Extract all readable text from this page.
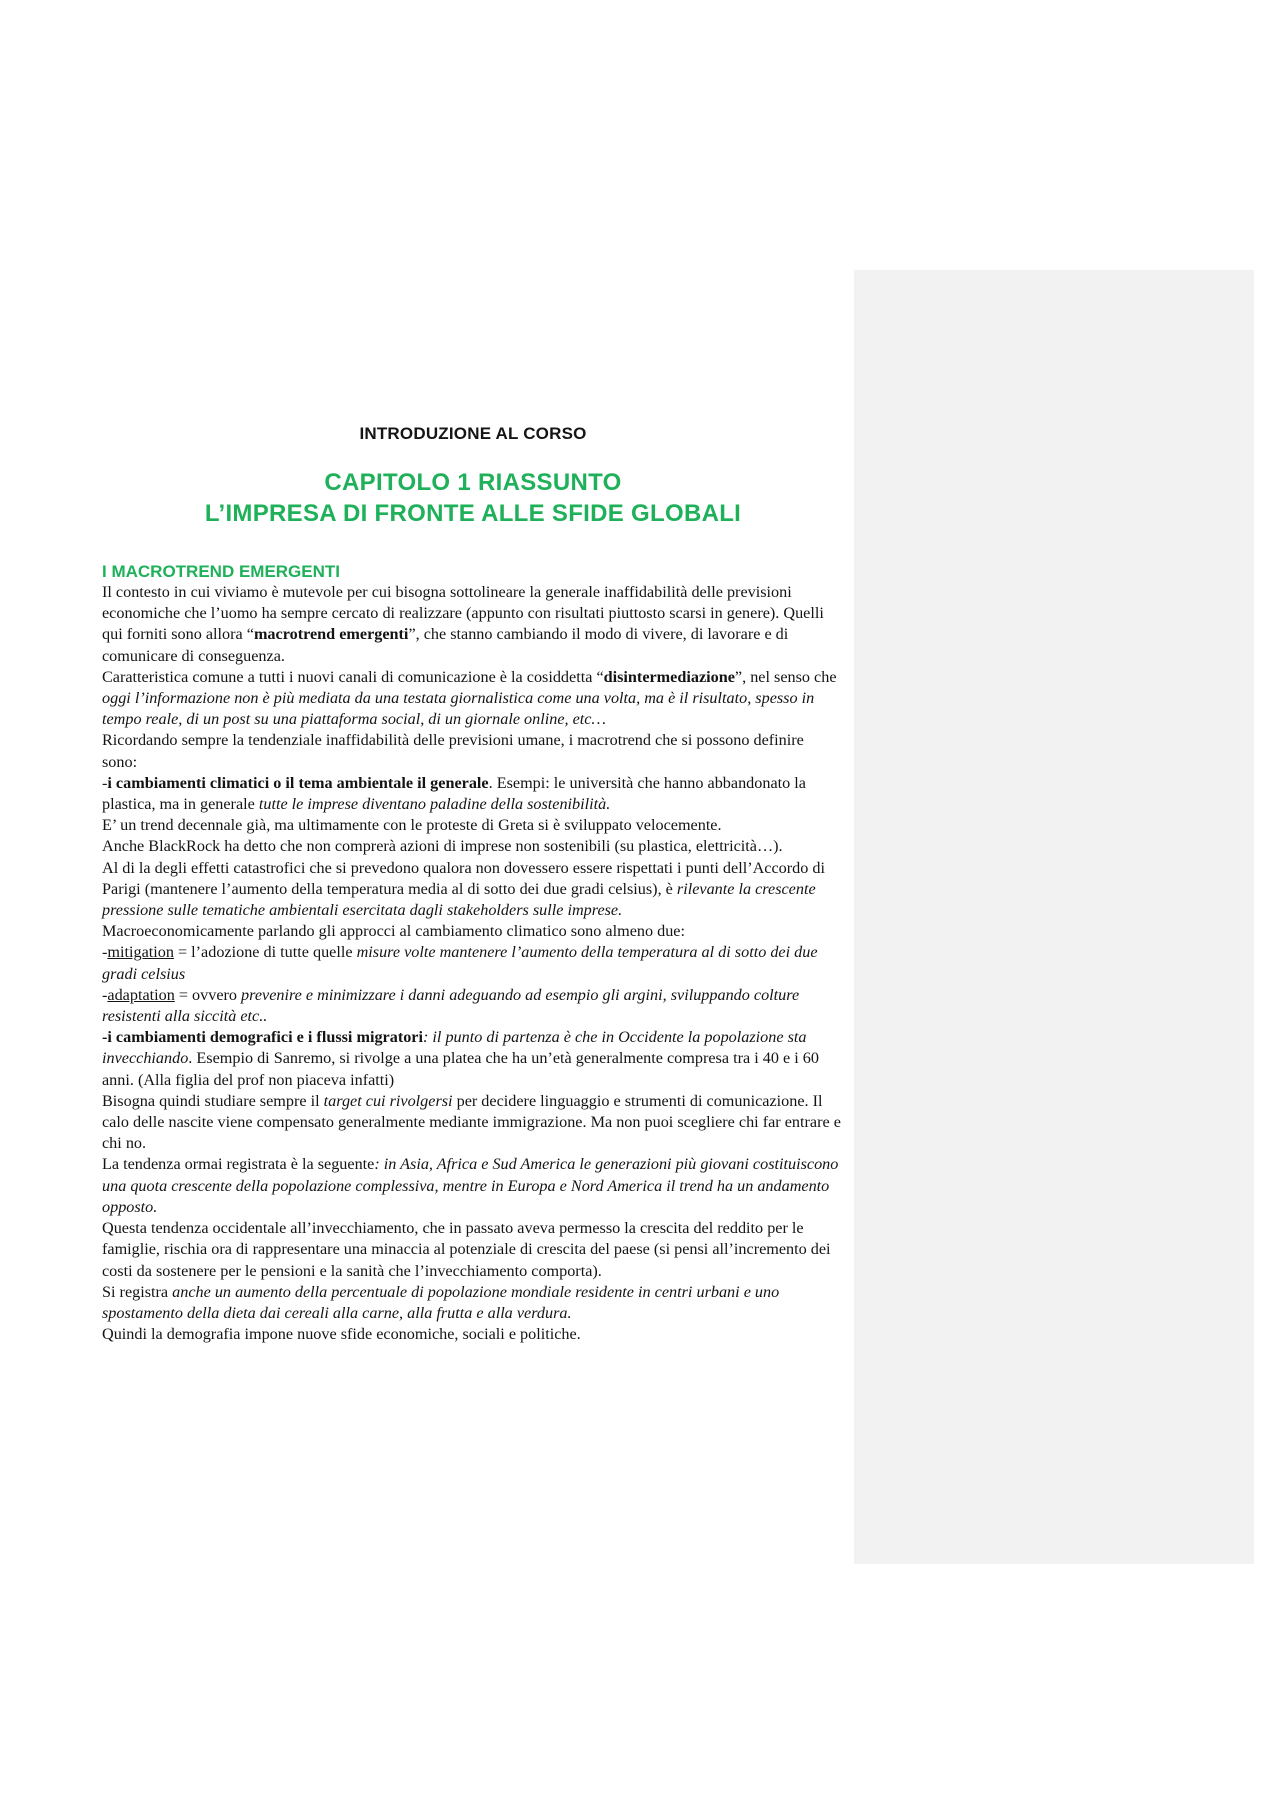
INTRODUZIONE AL CORSO
CAPITOLO 1 RIASSUNTO
L’IMPRESA DI FRONTE ALLE SFIDE GLOBALI
I MACROTREND EMERGENTI

Il contesto in cui viviamo è mutevole per cui bisogna sottolineare la generale inaffidabilità delle previsioni economiche che l’uomo ha sempre cercato di realizzare (appunto con risultati piuttosto scarsi in genere). Quelli qui forniti sono allora “macrotrend emergenti”, che stanno cambiando il modo di vivere, di lavorare e di comunicare di conseguenza.

Caratteristica comune a tutti i nuovi canali di comunicazione è la cosiddetta “disintermediazione”, nel senso che oggi l’informazione non è più mediata da una testata giornalistica come una volta, ma è il risultato, spesso in tempo reale, di un post su una piattaforma social, di un giornale online, etc…

Ricordando sempre la tendenziale inaffidabilità delle previsioni umane, i macrotrend che si possono definire sono:

-i cambiamenti climatici o il tema ambientale il generale. Esempi: le università che hanno abbandonato la plastica, ma in generale tutte le imprese diventano paladine della sostenibilità.

E’ un trend decennale già, ma ultimamente con le proteste di Greta si è sviluppato velocemente.

Anche BlackRock ha detto che non comprerà azioni di imprese non sostenibili (su plastica, elettricità…).

Al di la degli effetti catastrofici che si prevedono qualora non dovessero essere rispettati i punti dell’Accordo di Parigi (mantenere l’aumento della temperatura media al di sotto dei due gradi celsius), è rilevante la crescente pressione sulle tematiche ambientali esercitata dagli stakeholders sulle imprese.

Macroeconomicamente parlando gli approcci al cambiamento climatico sono almeno due:

-mitigation = l’adozione di tutte quelle misure volte mantenere l’aumento della temperatura al di sotto dei due gradi celsius

-adaptation = ovvero prevenire e minimizzare i danni adeguando ad esempio gli argini, sviluppando colture resistenti alla siccità etc..

-i cambiamenti demografici e i flussi migratori: il punto di partenza è che in Occidente la popolazione sta invecchiando. Esempio di Sanremo, si rivolge a una platea che ha un’età generalmente compresa tra i 40 e i 60 anni. (Alla figlia del prof non piaceva infatti)

Bisogna quindi studiare sempre il target cui rivolgersi per decidere linguaggio e strumenti di comunicazione. Il calo delle nascite viene compensato generalmente mediante immigrazione. Ma non puoi scegliere chi far entrare e chi no.

La tendenza ormai registrata è la seguente: in Asia, Africa e Sud America le generazioni più giovani costituiscono una quota crescente della popolazione complessiva, mentre in Europa e Nord America il trend ha un andamento opposto.

Questa tendenza occidentale all’invecchiamento, che in passato aveva permesso la crescita del reddito per le famiglie, rischia ora di rappresentare una minaccia al potenziale di crescita del paese (si pensi all’incremento dei costi da sostenere per le pensioni e la sanità che l’invecchiamento comporta).

Si registra anche un aumento della percentuale di popolazione mondiale residente in centri urbani e uno spostamento della dieta dai cereali alla carne, alla frutta e alla verdura.

Quindi la demografia impone nuove sfide economiche, sociali e politiche.
